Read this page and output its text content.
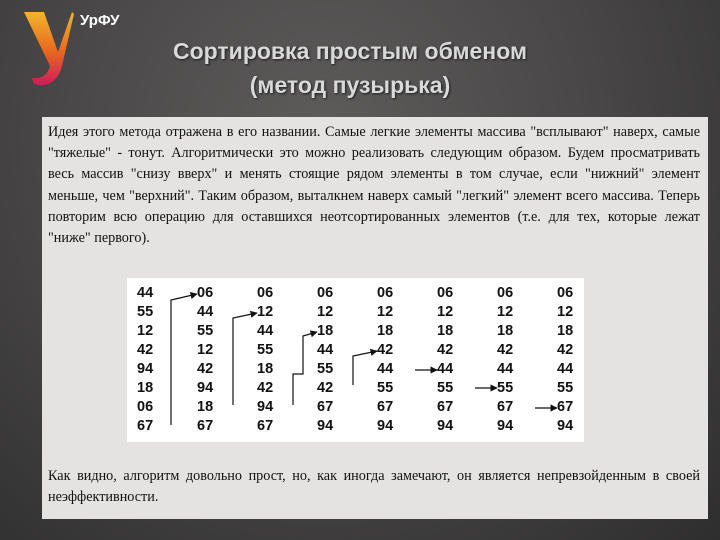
УрФУ
Сортировка простым обменом
(метод пузырька)

Идея этого метода отражена в его названии. Самые легкие элементы массива "всплывают" наверх, самые "тяжелые" - тонут. Алгоритмически это можно реализовать следующим образом. Будем просматривать весь массив "снизу вверх" и менять стоящие рядом элементы в том случае, если "нижний" элемент меньше, чем "верхний". Таким образом, выталкнем наверх самый "легкий" элемент всего массива. Теперь повторим всю операцию для оставшихся неотсортированных элементов (т.е. для тех, которые лежат "ниже" первого).

44
55
12
42
94
18
06
67
06
44
55
12
42
94
18
67
06
12
44
55
18
42
94
67
06
12
18
44
55
42
67
94
06
12
18
42
44
55
67
94
06
12
18
42
44
55
67
94
06
12
18
42
44
55
67
94
06
12
18
42
44
55
67
94

Как видно, алгоритм довольно прост, но, как иногда замечают, он является непревзойденным в своей неэффективности.
